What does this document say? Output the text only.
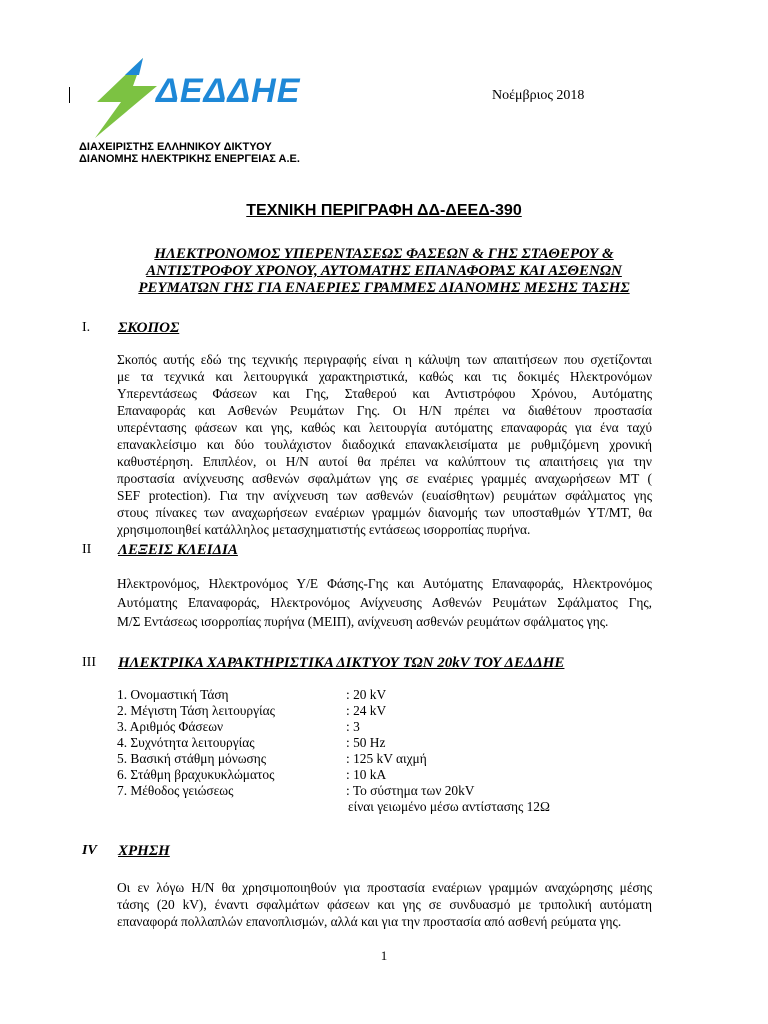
ΔΕΔΔΗΕ
ΔΙΑΧΕΙΡΙΣΤΗΣ ΕΛΛΗΝΙΚΟΥ ΔΙΚΤΥΟΥ
ΔΙΑΝΟΜΗΣ ΗΛΕΚΤΡΙΚΗΣ ΕΝΕΡΓΕΙΑΣ Α.Ε.
Νοέμβριος 2018
ΤΕΧΝΙΚΗ ΠΕΡΙΓΡΑΦΗ ΔΔ-ΔΕΕΔ-390
ΗΛΕΚΤΡΟΝΟΜΟΣ ΥΠΕΡΕΝΤΑΣΕΩΣ ΦΑΣΕΩΝ & ΓΗΣ ΣΤΑΘΕΡΟΥ &
ΑΝΤΙΣΤΡΟΦΟΥ ΧΡΟΝΟΥ, ΑΥΤΟΜΑΤΗΣ ΕΠΑΝΑΦΟΡΑΣ ΚΑΙ ΑΣΘΕΝΩΝ
ΡΕΥΜΑΤΩΝ ΓΗΣ ΓΙΑ ΕΝΑΕΡΙΕΣ ΓΡΑΜΜΕΣ ΔΙΑΝΟΜΗΣ ΜΕΣΗΣ ΤΑΣΗΣ
I. ΣΚΟΠΟΣ
Σκοπός αυτής εδώ της τεχνικής περιγραφής είναι η κάλυψη των απαιτήσεων που σχετίζονται
με τα τεχνικά και λειτουργικά χαρακτηριστικά, καθώς και τις δοκιμές Ηλεκτρονόμων
Υπερεντάσεως Φάσεων και Γης, Σταθερού και Αντιστρόφου Χρόνου, Αυτόματης
Επαναφοράς και Ασθενών Ρευμάτων Γης. Οι Η/Ν πρέπει να διαθέτουν προστασία
υπερέντασης φάσεων και γης, καθώς και λειτουργία αυτόματης επαναφοράς για ένα ταχύ
επανακλείσιμο και δύο τουλάχιστον διαδοχικά επανακλεισίματα με ρυθμιζόμενη χρονική
καθυστέρηση. Επιπλέον, οι Η/Ν αυτοί θα πρέπει να καλύπτουν τις απαιτήσεις για την
προστασία ανίχνευσης ασθενών σφαλμάτων γης σε εναέριες γραμμές αναχωρήσεων ΜΤ (
SEF protection). Για την ανίχνευση των ασθενών (ευαίσθητων) ρευμάτων σφάλματος γης
στους πίνακες των αναχωρήσεων εναέριων γραμμών διανομής των υποσταθμών ΥΤ/ΜΤ, θα
χρησιμοποιηθεί κατάλληλος μετασχηματιστής εντάσεως ισορροπίας πυρήνα.
II ΛΕΞΕΙΣ ΚΛΕΙΔΙΑ
Ηλεκτρονόμος, Ηλεκτρονόμος Υ/Ε Φάσης-Γης και Αυτόματης Επαναφοράς, Ηλεκτρονόμος
Αυτόματης Επαναφοράς, Ηλεκτρονόμος Ανίχνευσης Ασθενών Ρευμάτων Σφάλματος Γης,
Μ/Σ Εντάσεως ισορροπίας πυρήνα (ΜΕΙΠ), ανίχνευση ασθενών ρευμάτων σφάλματος γης.
III ΗΛΕΚΤΡΙΚΑ ΧΑΡΑΚΤΗΡΙΣΤΙΚΑ ΔΙΚΤΥΟΥ ΤΩΝ 20kV ΤΟΥ ΔΕΔΔΗΕ
1. Ονομαστική Τάση	: 20 kV
2. Μέγιστη Τάση λειτουργίας	: 24 kV
3. Αριθμός Φάσεων	: 3
4. Συχνότητα λειτουργίας	: 50 Hz
5. Βασική στάθμη μόνωσης	: 125 kV αιχμή
6. Στάθμη βραχυκυκλώματος	: 10 kA
7. Μέθοδος γειώσεως	: Το σύστημα των 20kV
είναι γειωμένο μέσω αντίστασης 12Ω
IV ΧΡΗΣΗ
Οι εν λόγω Η/Ν θα χρησιμοποιηθούν για προστασία εναέριων γραμμών αναχώρησης μέσης
τάσης (20 kV), έναντι σφαλμάτων φάσεων και γης σε συνδυασμό με τριπολική αυτόματη
επαναφορά πολλαπλών επανοπλισμών, αλλά και για την προστασία από ασθενή ρεύματα γης.
1
